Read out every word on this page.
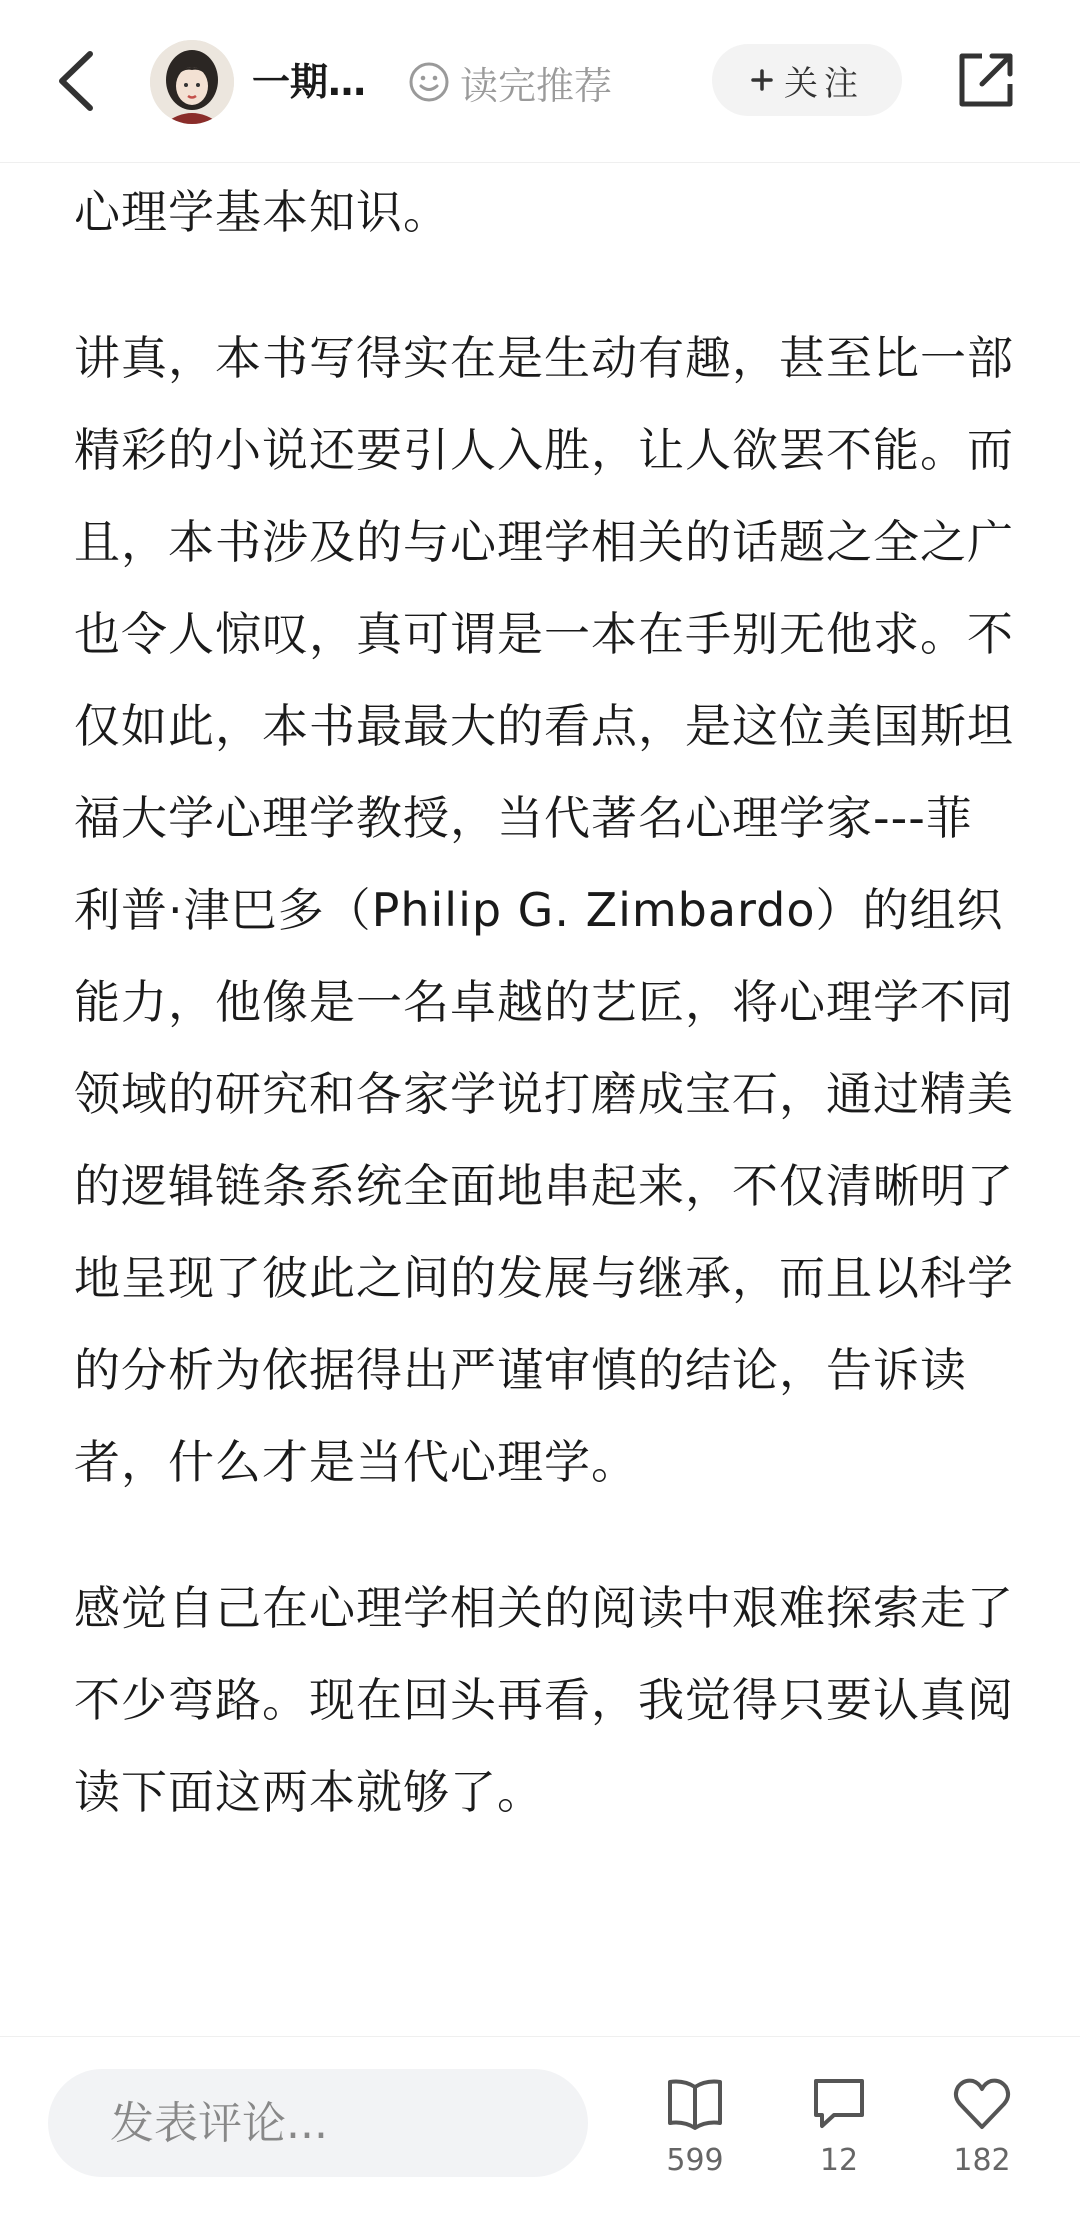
一期… 读完推荐	关注

心理学基本知识。

讲真，本书写得实在是生动有趣，甚至比一部精彩的小说还要引人入胜，让人欲罢不能。而且，本书涉及的与心理学相关的话题之全之广也令人惊叹，真可谓是一本在手别无他求。不仅如此，本书最最大的看点，是这位美国斯坦福大学心理学教授，当代著名心理学家---菲利普·津巴多（Philip G. Zimbardo）的组织能力，他像是一名卓越的艺匠，将心理学不同领域的研究和各家学说打磨成宝石，通过精美的逻辑链条系统全面地串起来，不仅清晰明了地呈现了彼此之间的发展与继承，而且以科学的分析为依据得出严谨审慎的结论，告诉读者，什么才是当代心理学。

感觉自己在心理学相关的阅读中艰难探索走了不少弯路。现在回头再看，我觉得只要认真阅读下面这两本就够了。

发表评论...
599	12	182
